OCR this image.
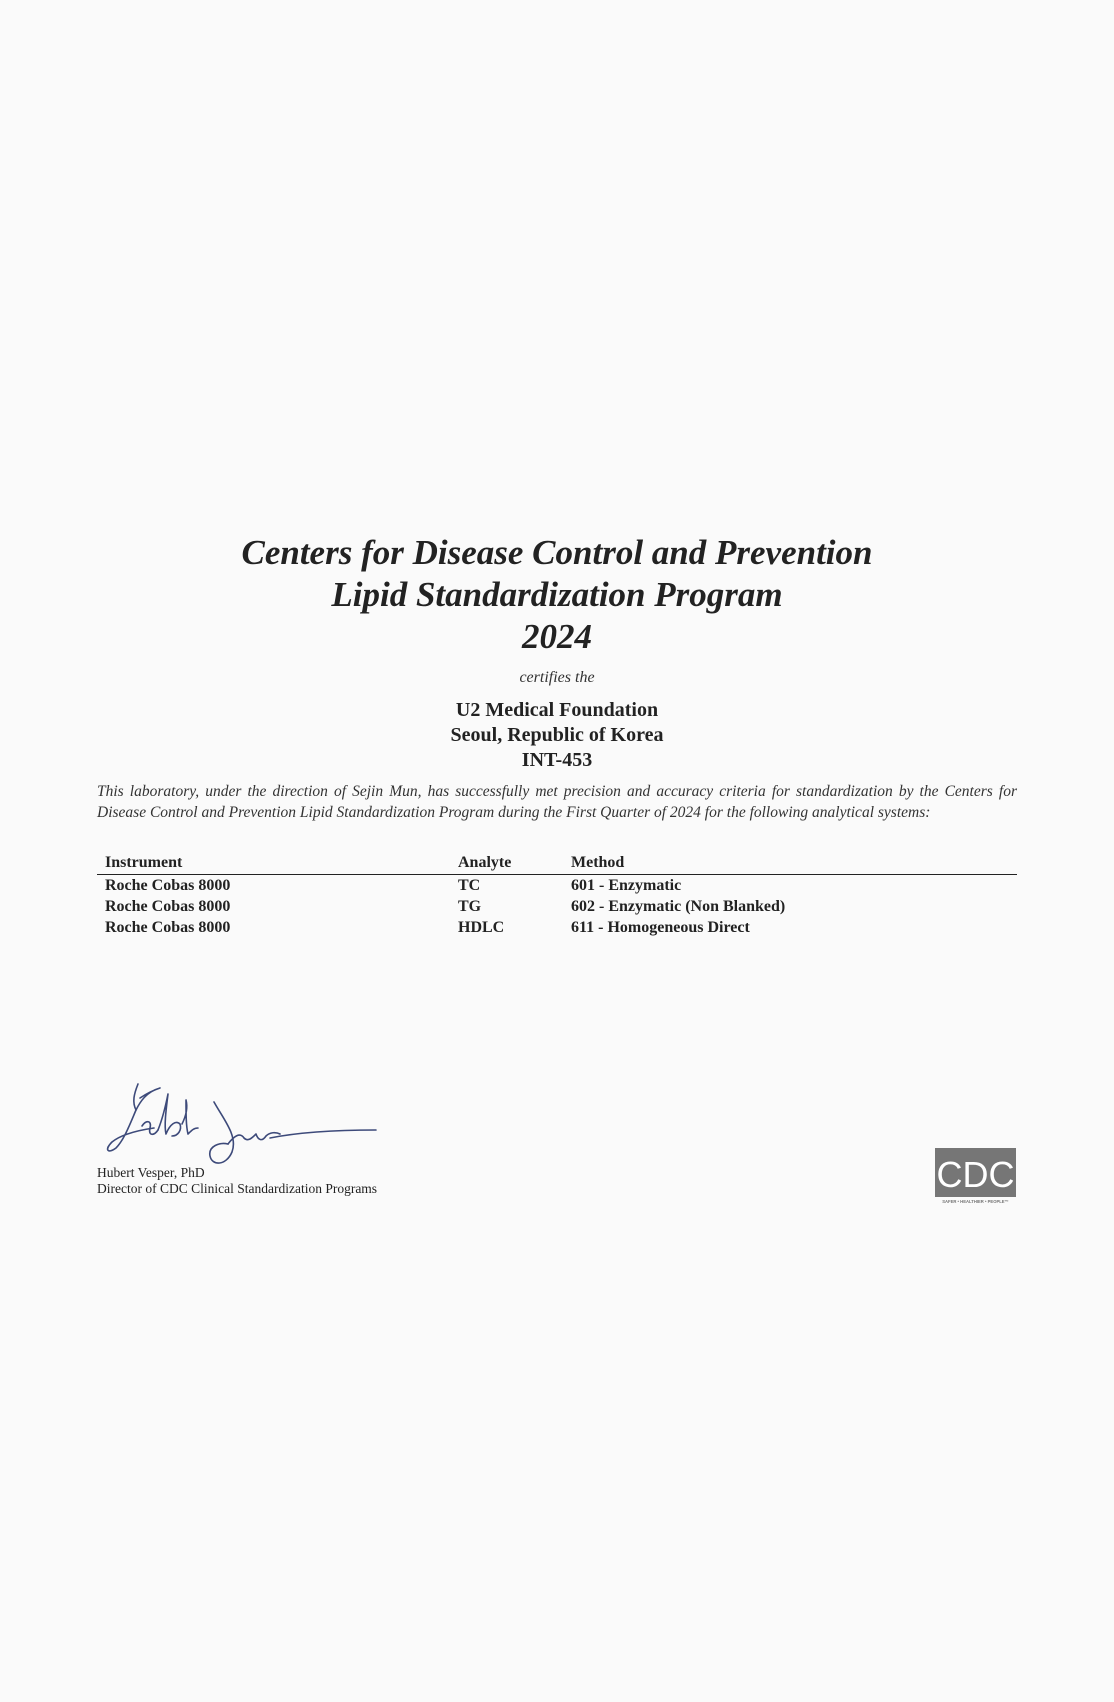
Centers for Disease Control and Prevention
Lipid Standardization Program
2024
certifies the
U2 Medical Foundation
Seoul, Republic of Korea
INT-453
This laboratory, under the direction of Sejin Mun, has successfully met precision and accuracy criteria for standardization by the Centers for Disease Control and Prevention Lipid Standardization Program during the First Quarter of 2024 for the following analytical systems:
Instrument	Analyte	Method
Roche Cobas 8000	TC	601 - Enzymatic
Roche Cobas 8000	TG	602 - Enzymatic (Non Blanked)
Roche Cobas 8000	HDLC	611 - Homogeneous Direct
Hubert Vesper, PhD
Director of CDC Clinical Standardization Programs	CDC
SAFER • HEALTHIER • PEOPLE™
